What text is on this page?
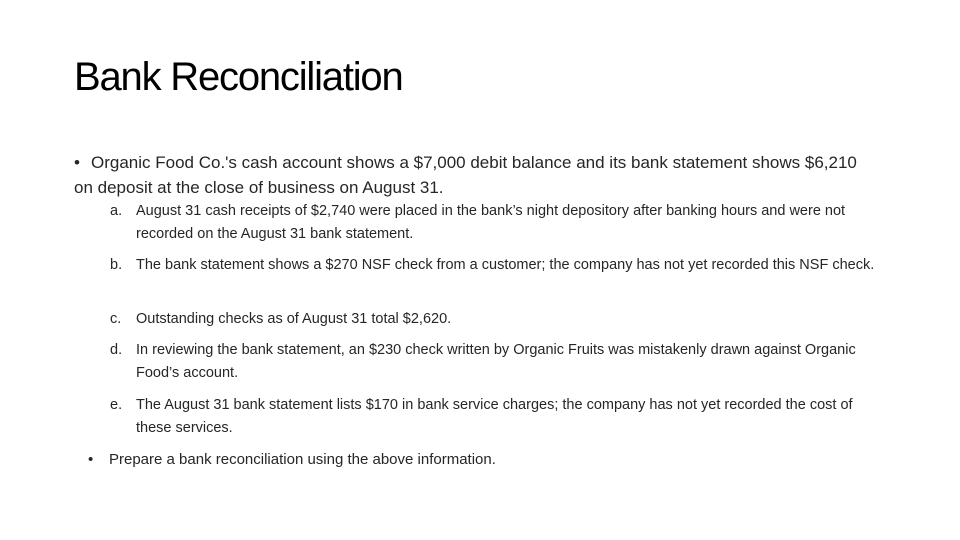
Bank Reconciliation
• Organic Food Co.'s cash account shows a $7,000 debit balance and its bank statement shows $6,210 on deposit at the close of business on August 31.
a. August 31 cash receipts of $2,740 were placed in the bank’s night depository after banking hours and were not recorded on the August 31 bank statement.
b. The bank statement shows a $270 NSF check from a customer; the company has not yet recorded this NSF check.
c.	Outstanding checks as of August 31 total $2,620.
d. In reviewing the bank statement, an $230 check written by Organic Fruits was mistakenly drawn against Organic Food’s account.
e. The August 31 bank statement lists $170 in bank service charges; the company has not yet recorded the cost of these services.
• Prepare a bank reconciliation using the above information.
